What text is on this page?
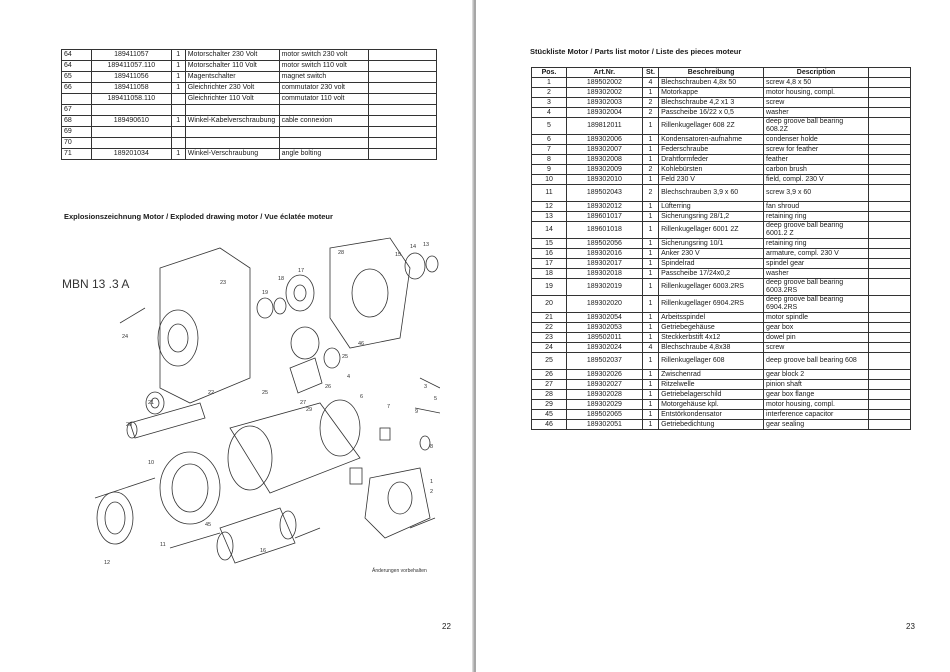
64	189411057	1	Motorschalter 230 Volt	motor switch 230 volt	
64	189411057.110	1	Motorschalter 110 Volt	motor switch 110 volt	
65	189411056	1	Magentschalter	magnet switch	
66	189411058	1	Gleichrichter 230 Volt	commutator 230 volt	
	189411058.110		Gleichrichter 110 Volt	commutator 110 volt	
67					
68	189490610	1	Winkel-Kabelverschraubung	cable connexion	
69					
70					
71	189201034	1	Winkel-Verschraubung	angle bolting	
Explosionszeichnung Motor / Exploded drawing motor / Vue éclatée moteur
MBN 13 .3 A
28	15
14 13
23
17
18
19
24
25
26
27
29
20
21
22	25
46
4
3
5
7
6
9
8
10
1
2
45
11
16
12
Änderungen vorbehalten
22
Stückliste Motor / Parts list motor / Liste des pieces moteur
Pos.	Art.Nr.	St.	Beschreibung	Description	
1	189502002	4	Blechschrauben 4,8x 50	screw 4,8 x 50	
2	189302002	1	Motorkappe	motor housing, compl.	
3	189302003	2	Blechschraube 4,2 x1 3	screw	
4	189302004	2	Passcheibe 16/22 x 0,5	washer	
5	189812011	1	Rillenkugellager 608 2Z	deep groove ball bearing 608.2Z	
6	189302006	1	Kondensatoren-aufnahme	condenser holde	
7	189302007	1	Federschraube	screw for feather	
8	189302008	1	Drahtformfeder	feather	
9	189302009	2	Kohlebürsten	carbon brush	
10	189302010	1	Feld 230 V	field, compl. 230 V	
11	189502043	2	Blechschrauben 3,9 x 60	screw 3,9 x 60	
12	189302012	1	Lüfterring	fan shroud	
13	189601017	1	Sicherungsring 28/1,2	retaining ring	
14	189601018	1	Rillenkugellager 6001 2Z	deep groove ball bearing 6001.2 Z	
15	189502056	1	Sicherungsring 10/1	retaining ring	
16	189302016	1	Anker 230 V	armature, compl. 230 V	
17	189302017	1	Spindelrad	spindel gear	
18	189302018	1	Passcheibe 17/24x0,2	washer	
19	189302019	1	Rillenkugellager 6003.2RS	deep groove ball bearing 6003.2RS	
20	189302020	1	Rillenkugellager 6904.2RS	deep groove ball bearing 6904.2RS	
21	189302054	1	Arbeitsspindel	motor spindle	
22	189302053	1	Getriebegehäuse	gear box	
23	189502011	1	Steckkerbstift 4x12	dowel pin	
24	189302024	4	Blechschraube 4,8x38	screw	
25	189502037	1	Rillenkugellager 608	deep groove ball bearing 608	
26	189302026	1	Zwischenrad	gear block 2	
27	189302027	1	Ritzelwelle	pinion shaft	
28	189302028	1	Getriebelagerschild	gear box flange	
29	189302029	1	Motorgehäuse kpl.	motor housing, compl.	
45	189502065	1	Entstörkondensator	interference capacitor	
46	189302051	1	Getriebedichtung	gear sealing	
23
